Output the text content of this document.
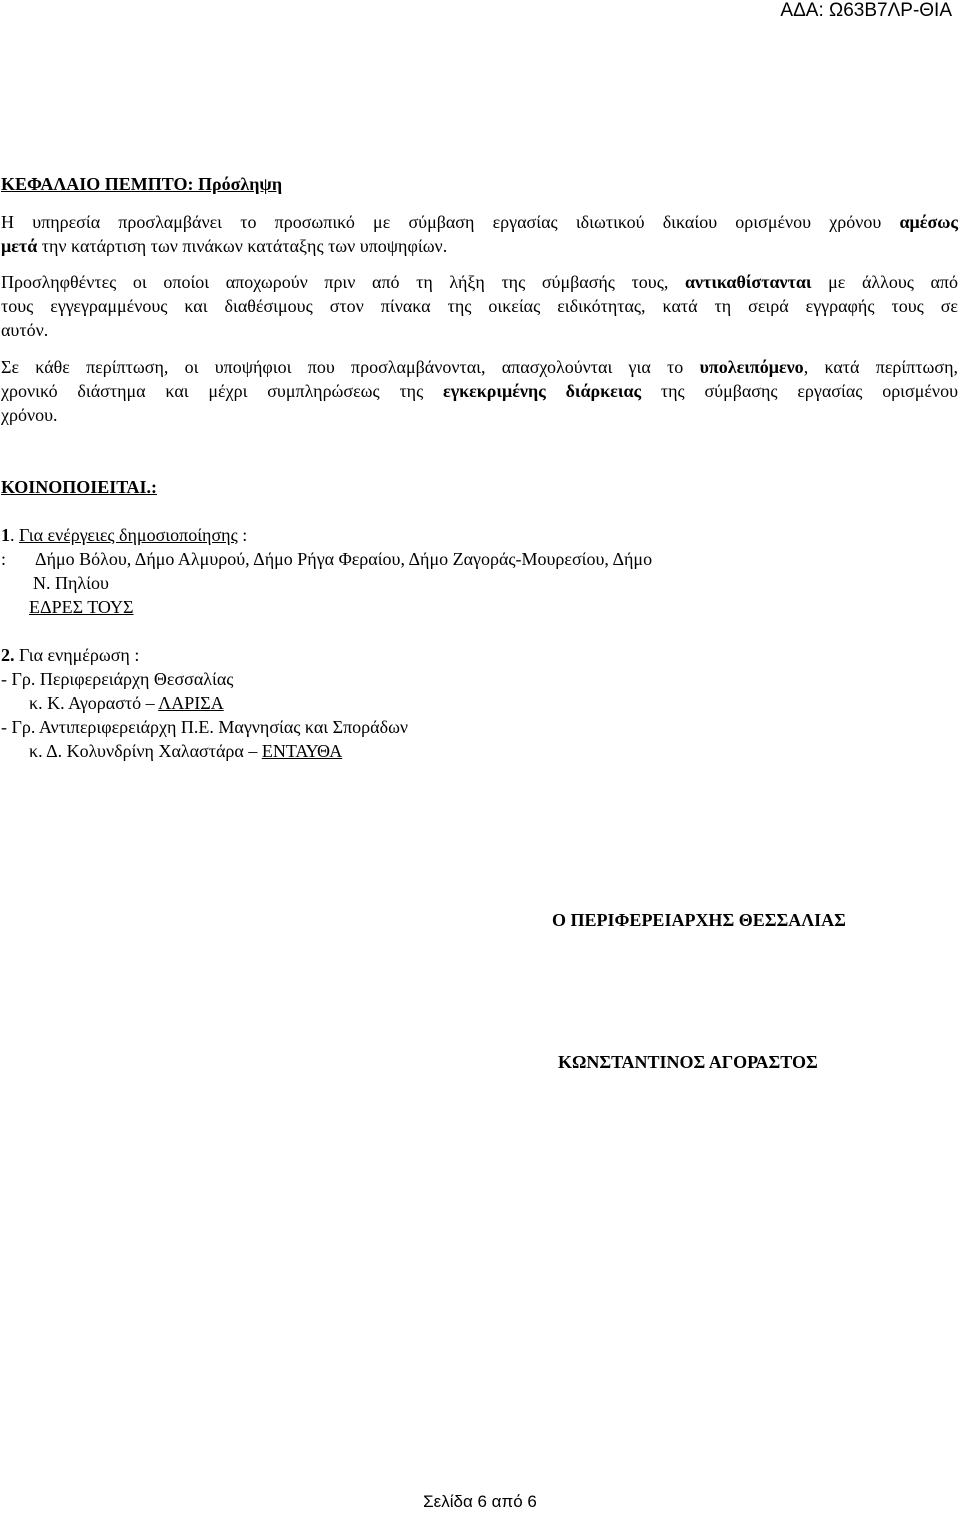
ΑΔΑ: Ω63Β7ΛΡ-ΘΙΑ
ΚΕΦΑΛΑΙΟ ΠΕΜΠΤΟ: Πρόσληψη
Η υπηρεσία προσλαμβάνει το προσωπικό με σύμβαση εργασίας ιδιωτικού δικαίου ορισμένου χρόνου αμέσως
μετά την κατάρτιση των πινάκων κατάταξης των υποψηφίων.
Προσληφθέντες οι οποίοι αποχωρούν πριν από τη λήξη της σύμβασής τους, αντικαθίστανται με άλλους από
τους εγγεγραμμένους και διαθέσιμους στον πίνακα της οικείας ειδικότητας, κατά τη σειρά εγγραφής τους σε
αυτόν.
Σε κάθε περίπτωση, οι υποψήφιοι που προσλαμβάνονται, απασχολούνται για το υπολειπόμενο, κατά περίπτωση,
χρονικό διάστημα και μέχρι συμπληρώσεως της εγκεκριμένης διάρκειας της σύμβασης εργασίας ορισμένου
χρόνου.
ΚΟΙΝΟΠΟΙΕΙΤΑΙ.:
1. Για ενέργειες δημοσιοποίησης :
: Δήμο Βόλου, Δήμο Αλμυρού, Δήμο Ρήγα Φεραίου, Δήμο Ζαγοράς-Μουρεσίου, Δήμο
Ν. Πηλίου
ΕΔΡΕΣ ΤΟΥΣ
2. Για ενημέρωση :
- Γρ. Περιφερειάρχη Θεσσαλίας
κ. Κ. Αγοραστό – ΛΑΡΙΣΑ
- Γρ. Αντιπεριφερειάρχη Π.Ε. Μαγνησίας και Σποράδων
κ. Δ. Κολυνδρίνη Χαλαστάρα – ΕΝΤΑΥΘΑ
Ο ΠΕΡΙΦΕΡΕΙΑΡΧΗΣ ΘΕΣΣΑΛΙΑΣ
ΚΩΝΣΤΑΝΤΙΝΟΣ ΑΓΟΡΑΣΤΟΣ
Σελίδα 6 από 6
